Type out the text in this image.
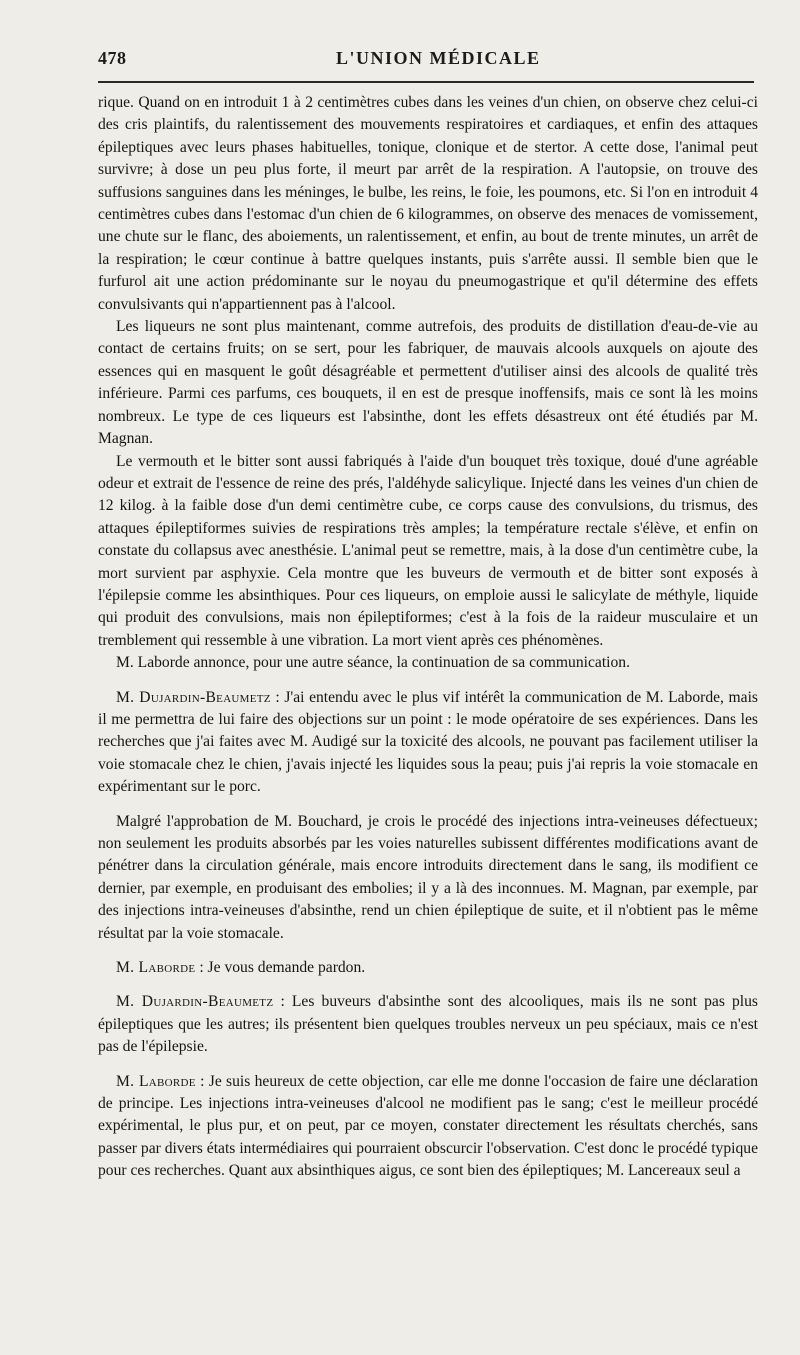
478	L'UNION MÉDICALE

rique. Quand on en introduit 1 à 2 centimètres cubes dans les veines d'un chien, on observe chez celui-ci des cris plaintifs, du ralentissement des mouvements respiratoires et cardiaques, et enfin des attaques épileptiques avec leurs phases habituelles, tonique, clonique et de stertor. A cette dose, l'animal peut survivre; à dose un peu plus forte, il meurt par arrêt de la respiration. A l'autopsie, on trouve des suffusions sanguines dans les méninges, le bulbe, les reins, le foie, les poumons, etc. Si l'on en introduit 4 centimètres cubes dans l'estomac d'un chien de 6 kilogrammes, on observe des menaces de vomissement, une chute sur le flanc, des aboiements, un ralentissement, et enfin, au bout de trente minutes, un arrêt de la respiration; le cœur continue à battre quelques instants, puis s'arrête aussi. Il semble bien que le furfurol ait une action prédominante sur le noyau du pneumogastrique et qu'il détermine des effets convulsivants qui n'appartiennent pas à l'alcool.

Les liqueurs ne sont plus maintenant, comme autrefois, des produits de distillation d'eau-de-vie au contact de certains fruits; on se sert, pour les fabriquer, de mauvais alcools auxquels on ajoute des essences qui en masquent le goût désagréable et permettent d'utiliser ainsi des alcools de qualité très inférieure. Parmi ces parfums, ces bouquets, il en est de presque inoffensifs, mais ce sont là les moins nombreux. Le type de ces liqueurs est l'absinthe, dont les effets désastreux ont été étudiés par M. Magnan.

Le vermouth et le bitter sont aussi fabriqués à l'aide d'un bouquet très toxique, doué d'une agréable odeur et extrait de l'essence de reine des prés, l'aldéhyde salicylique. Injecté dans les veines d'un chien de 12 kilog. à la faible dose d'un demi centimètre cube, ce corps cause des convulsions, du trismus, des attaques épileptiformes suivies de respirations très amples; la température rectale s'élève, et enfin on constate du collapsus avec anesthésie. L'animal peut se remettre, mais, à la dose d'un centimètre cube, la mort survient par asphyxie. Cela montre que les buveurs de vermouth et de bitter sont exposés à l'épilepsie comme les absinthiques. Pour ces liqueurs, on emploie aussi le salicylate de méthyle, liquide qui produit des convulsions, mais non épileptiformes; c'est à la fois de la raideur musculaire et un tremblement qui ressemble à une vibration. La mort vient après ces phénomènes.

M. Laborde annonce, pour une autre séance, la continuation de sa communication.

M. Dujardin-Beaumetz : J'ai entendu avec le plus vif intérêt la communication de M. Laborde, mais il me permettra de lui faire des objections sur un point : le mode opératoire de ses expériences. Dans les recherches que j'ai faites avec M. Audigé sur la toxicité des alcools, ne pouvant pas facilement utiliser la voie stomacale chez le chien, j'avais injecté les liquides sous la peau; puis j'ai repris la voie stomacale en expérimentant sur le porc.

Malgré l'approbation de M. Bouchard, je crois le procédé des injections intra-veineuses défectueux; non seulement les produits absorbés par les voies naturelles subissent différentes modifications avant de pénétrer dans la circulation générale, mais encore introduits directement dans le sang, ils modifient ce dernier, par exemple, en produisant des embolies; il y a là des inconnues. M. Magnan, par exemple, par des injections intra-veineuses d'absinthe, rend un chien épileptique de suite, et il n'obtient pas le même résultat par la voie stomacale.

M. Laborde : Je vous demande pardon.

M. Dujardin-Beaumetz : Les buveurs d'absinthe sont des alcooliques, mais ils ne sont pas plus épileptiques que les autres; ils présentent bien quelques troubles nerveux un peu spéciaux, mais ce n'est pas de l'épilepsie.

M. Laborde : Je suis heureux de cette objection, car elle me donne l'occasion de faire une déclaration de principe. Les injections intra-veineuses d'alcool ne modifient pas le sang; c'est le meilleur procédé expérimental, le plus pur, et on peut, par ce moyen, constater directement les résultats cherchés, sans passer par divers états intermédiaires qui pourraient obscurcir l'observation. C'est donc le procédé typique pour ces recherches. Quant aux absinthiques aigus, ce sont bien des épileptiques; M. Lancereaux seul a
